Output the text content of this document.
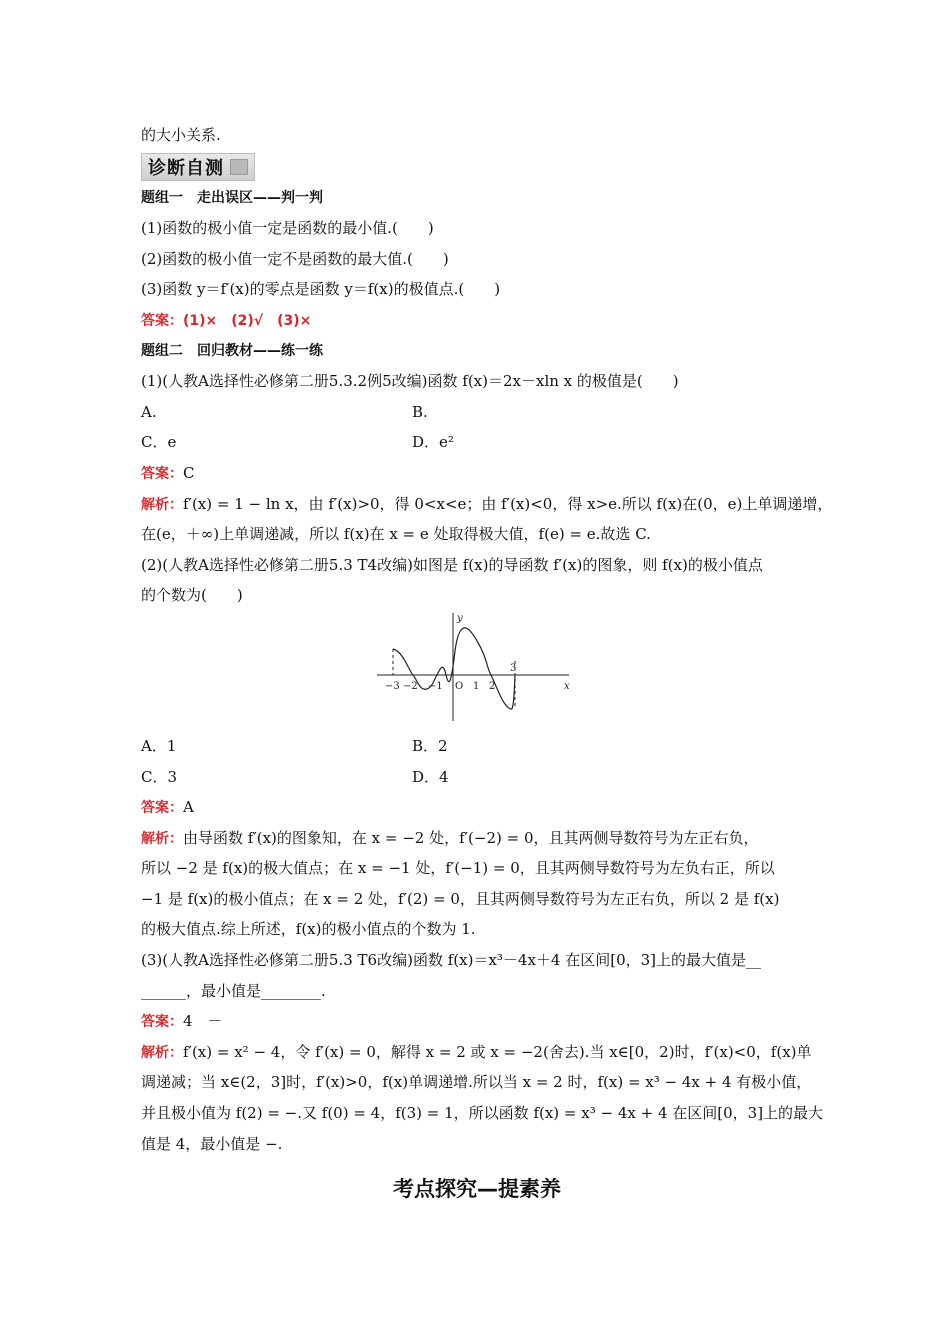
的大小关系.
诊断自测
题组一　走出误区——判一判
(1)函数的极小值一定是函数的最小值.(　　)
(2)函数的极小值一定不是函数的最大值.(　　)
(3)函数 y＝f′(x)的零点是函数 y＝f(x)的极值点.(　　)
答案：(1)×　(2)√　(3)×
题组二　回归教材——练一练
(1)(人教A选择性必修第二册5.3.2例5改编)函数 f(x)＝2x－xln x 的极值是(　　)
A.	B.
C．e	D．e²
答案：C
解析：f′(x) = 1 − ln x，由 f′(x)>0，得 0<x<e；由 f′(x)<0，得 x>e.所以 f(x)在(0，e)上单调递增，
在(e，＋∞)上单调递减，所以 f(x)在 x = e 处取得极大值，f(e) = e.故选 C.
(2)(人教A选择性必修第二册5.3 T4改编)如图是 f(x)的导函数 f′(x)的图象，则 f(x)的极小值点
的个数为(　　)
−3 −2 −1 O 1 2
3
x
y
A．1	B．2
C．3	D．4
答案：A
解析：由导函数 f′(x)的图象知，在 x = −2 处，f′(−2) = 0，且其两侧导数符号为左正右负，
所以 −2 是 f(x)的极大值点；在 x = −1 处，f′(−1) = 0，且其两侧导数符号为左负右正，所以
−1 是 f(x)的极小值点；在 x = 2 处，f′(2) = 0，且其两侧导数符号为左正右负，所以 2 是 f(x)
的极大值点.综上所述，f(x)的极小值点的个数为 1.
(3)(人教A选择性必修第二册5.3 T6改编)函数 f(x)＝x³－4x＋4 在区间[0，3]上的最大值是__
______，最小值是________.
答案：4　－
解析：f′(x) = x² − 4，令 f′(x) = 0，解得 x = 2 或 x = −2(舍去).当 x∈[0，2)时，f′(x)<0，f(x)单
调递减；当 x∈(2，3]时，f′(x)>0，f(x)单调递增.所以当 x = 2 时，f(x) = x³ − 4x + 4 有极小值，
并且极小值为 f(2) = −.又 f(0) = 4，f(3) = 1，所以函数 f(x) = x³ − 4x + 4 在区间[0，3]上的最大
值是 4，最小值是 −.
考点探究—提素养
